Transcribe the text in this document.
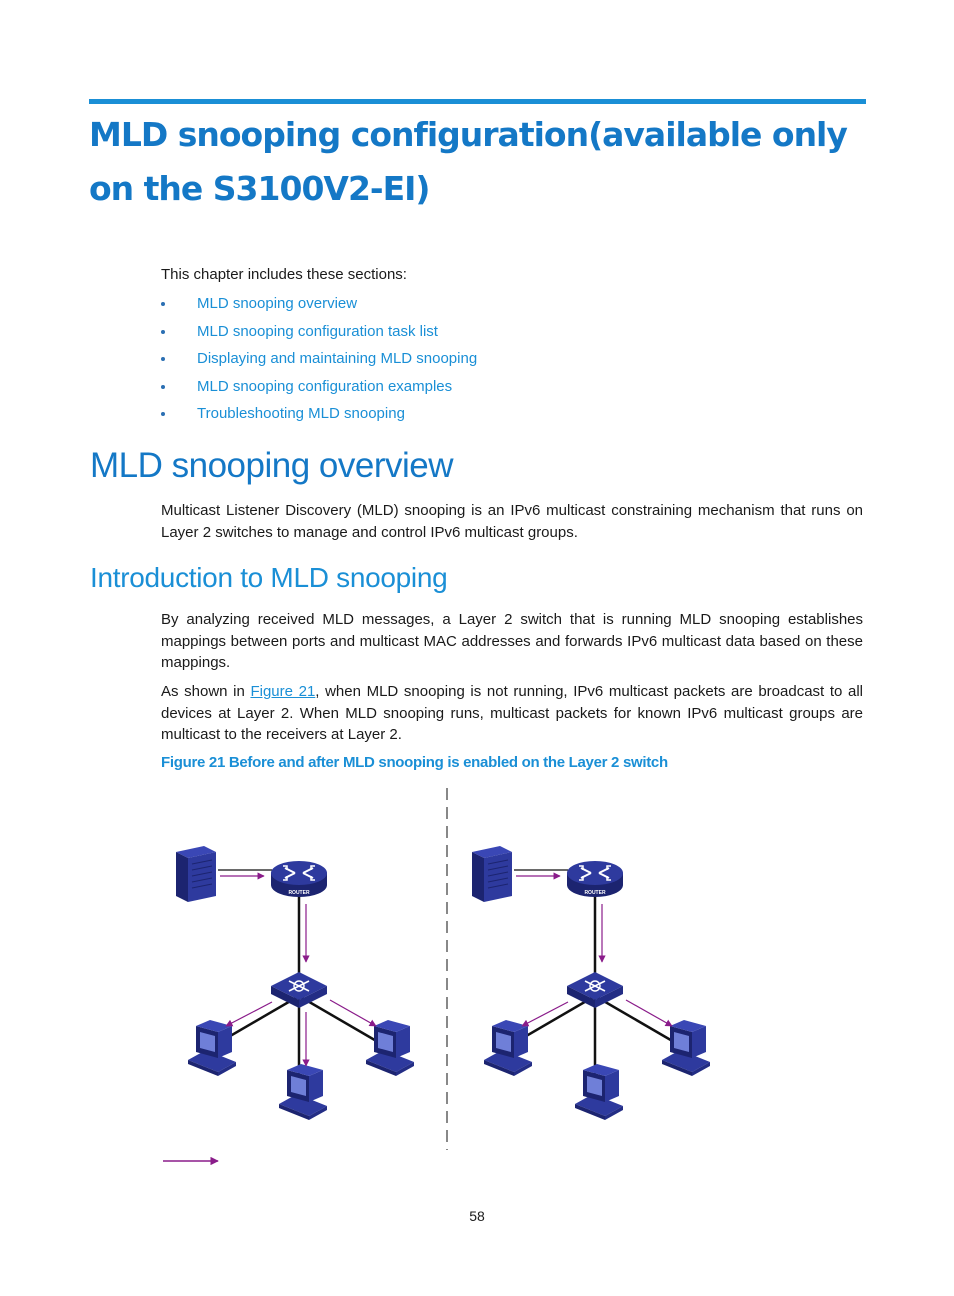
MLD snooping configuration(available only on the S3100V2-EI)

This chapter includes these sections:

MLD snooping overview
MLD snooping configuration task list
Displaying and maintaining MLD snooping
MLD snooping configuration examples
Troubleshooting MLD snooping
MLD snooping overview

Multicast Listener Discovery (MLD) snooping is an IPv6 multicast constraining mechanism that runs on Layer 2 switches to manage and control IPv6 multicast groups.

Introduction to MLD snooping

By analyzing received MLD messages, a Layer 2 switch that is running MLD snooping establishes mappings between ports and multicast MAC addresses and forwards IPv6 multicast data based on these mappings.

As shown in Figure 21, when MLD snooping is not running, IPv6 multicast packets are broadcast to all devices at Layer 2. When MLD snooping runs, multicast packets for known IPv6 multicast groups are multicast to the receivers at Layer 2.

Figure 21 Before and after MLD snooping is enabled on the Layer 2 switch

ROUTER	ROUTER
58
